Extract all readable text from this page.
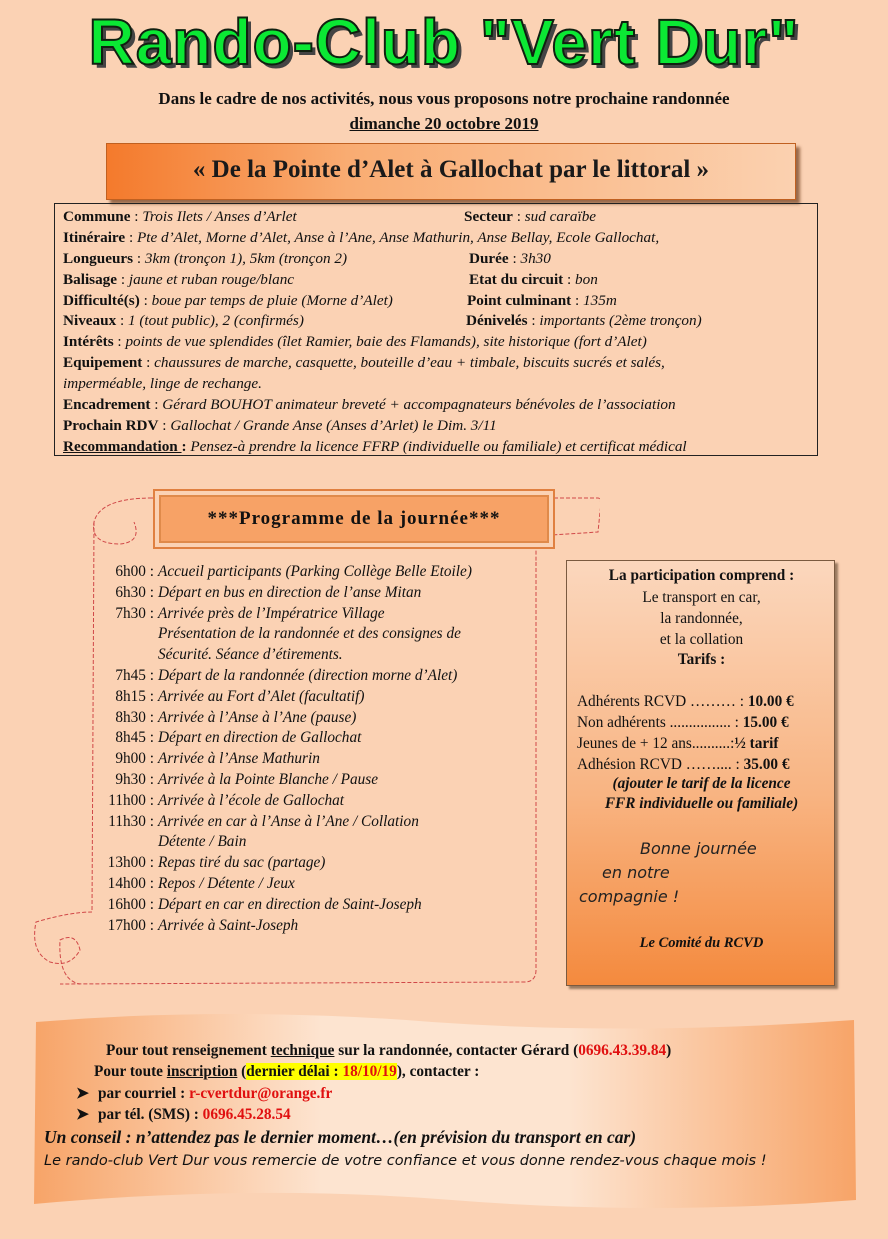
Rando-Club "Vert Dur"
Dans le cadre de nos activités, nous vous proposons notre prochaine randonnée
dimanche 20 octobre 2019
« De la Pointe d’Alet à Gallochat par le littoral »
Commune : Trois Ilets / Anses d’Arlet	Secteur : sud caraïbe
Itinéraire : Pte d’Alet, Morne d’Alet, Anse à l’Ane, Anse Mathurin, Anse Bellay, Ecole Gallochat,
Longueurs : 3km (tronçon 1), 5km (tronçon 2)	Durée : 3h30
Balisage : jaune et ruban rouge/blanc	Etat du circuit : bon
Difficulté(s) : boue par temps de pluie (Morne d’Alet)	Point culminant : 135m
Niveaux : 1 (tout public), 2 (confirmés)	Dénivelés : importants (2ème tronçon)
Intérêts : points de vue splendides (îlet Ramier, baie des Flamands), site historique (fort d’Alet)
Equipement : chaussures de marche, casquette, bouteille d’eau + timbale, biscuits sucrés et salés,
imperméable, linge de rechange.
Encadrement : Gérard BOUHOT animateur breveté + accompagnateurs bénévoles de l’association
Prochain RDV : Gallochat / Grande Anse (Anses d’Arlet) le Dim. 3/11
Recommandation : Pensez-à prendre la licence FFRP (individuelle ou familiale) et certificat médical
***Programme de la journée***
6h00 : Accueil participants (Parking Collège Belle Etoile)
6h30 : Départ en bus en direction de l’anse Mitan
7h30 : Arrivée près de l’Impératrice Village
Présentation de la randonnée et des consignes de
Sécurité. Séance d’étirements.
7h45 : Départ de la randonnée (direction morne d’Alet)
8h15 : Arrivée au Fort d’Alet (facultatif)
8h30 : Arrivée à l’Anse à l’Ane (pause)
8h45 : Départ en direction de Gallochat
9h00 : Arrivée à l’Anse Mathurin
9h30 : Arrivée à la Pointe Blanche / Pause
11h00 : Arrivée à l’école de Gallochat
11h30 : Arrivée en car à l’Anse à l’Ane / Collation
Détente / Bain
13h00 : Repas tiré du sac (partage)
14h00 : Repos / Détente / Jeux
16h00 : Départ en car en direction de Saint-Joseph
17h00 : Arrivée à Saint-Joseph
La participation comprend :
Le transport en car,
la randonnée,
et la collation
Tarifs :
Adhérents RCVD ……… : 10.00 €
Non adhérents ................ : 15.00 €
Jeunes de + 12 ans..........:½ tarif
Adhésion RCVD …….... : 35.00 €
(ajouter le tarif de la licence
FFR individuelle ou familiale)
Bonne journée
en notre
compagnie !
Le Comité du RCVD
Pour tout renseignement technique sur la randonnée, contacter Gérard (0696.43.39.84)
Pour toute inscription (dernier délai : 18/10/19), contacter :
➤ par courriel : r-cvertdur@orange.fr
➤ par tél. (SMS) : 0696.45.28.54
Un conseil : n’attendez pas le dernier moment…(en prévision du transport en car)
Le rando-club Vert Dur vous remercie de votre confiance et vous donne rendez-vous chaque mois !
